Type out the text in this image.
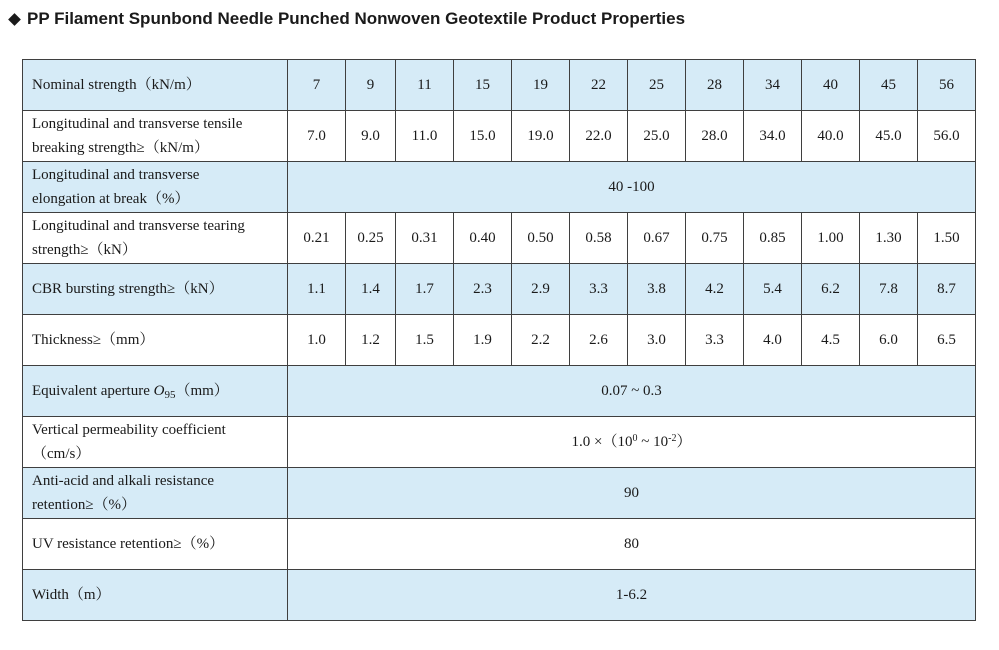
PP Filament Spunbond Needle Punched Nonwoven Geotextile Product Properties
Nominal strength（kN/m）	7	9	11	15	19	22	25	28	34	40	45	56
Longitudinal and transverse tensile
breaking strength≥（kN/m）	7.0	9.0	11.0	15.0	19.0	22.0	25.0	28.0	34.0	40.0	45.0	56.0
Longitudinal and transverse
elongation at break（%）	40 -100											
Longitudinal and transverse tearing
strength≥（kN）	0.21	0.25	0.31	0.40	0.50	0.58	0.67	0.75	0.85	1.00	1.30	1.50
CBR bursting strength≥（kN）	1.1	1.4	1.7	2.3	2.9	3.3	3.8	4.2	5.4	6.2	7.8	8.7
Thickness≥（mm）	1.0	1.2	1.5	1.9	2.2	2.6	3.0	3.3	4.0	4.5	6.0	6.5
Equivalent aperture $O_{95}(mm)$	0.07 ~ 0.3											
Vertical permeability coefficient
（cm/s）	$1.0 \times(10^0$ ~ $10^{-2}$）											
Anti-acid and alkali resistance
retention≥（%）	90											
UV resistance retention≥（%）	80											
Width（m）	1-6.2											
